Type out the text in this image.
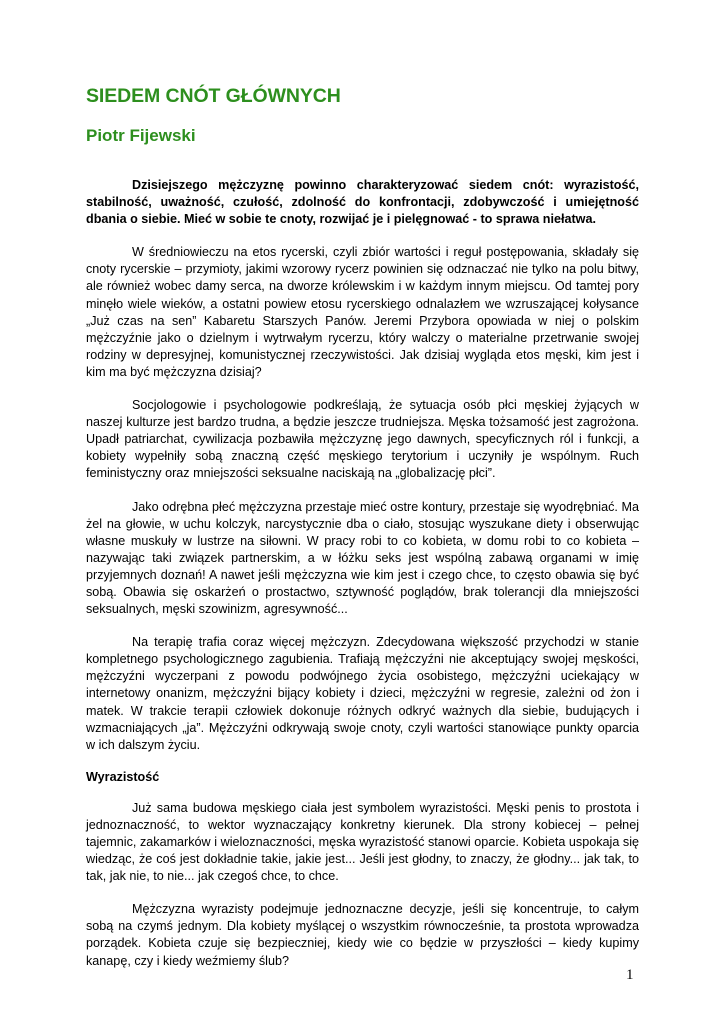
SIEDEM CNÓT GŁÓWNYCH
Piotr Fijewski

Dzisiejszego mężczyznę powinno charakteryzować siedem cnót: wyrazistość, stabilność, uważność, czułość, zdolność do konfrontacji, zdobywczość i umiejętność dbania o siebie. Mieć w sobie te cnoty, rozwijać je i pielęgnować - to sprawa niełatwa.

W średniowieczu na etos rycerski, czyli zbiór wartości i reguł postępowania, składały się cnoty rycerskie – przymioty, jakimi wzorowy rycerz powinien się odznaczać nie tylko na polu bitwy, ale również wobec damy serca, na dworze królewskim i w każdym innym miejscu. Od tamtej pory minęło wiele wieków, a ostatni powiew etosu rycerskiego odnalazłem we wzruszającej kołysance „Już czas na sen” Kabaretu Starszych Panów. Jeremi Przybora opowiada w niej o polskim mężczyźnie jako o dzielnym i wytrwałym rycerzu, który walczy o materialne przetrwanie swojej rodziny w depresyjnej, komunistycznej rzeczywistości. Jak dzisiaj wygląda etos męski, kim jest i kim ma być mężczyzna dzisiaj?

Socjologowie i psychologowie podkreślają, że sytuacja osób płci męskiej żyjących w naszej kulturze jest bardzo trudna, a będzie jeszcze trudniejsza. Męska tożsamość jest zagrożona. Upadł patriarchat, cywilizacja pozbawiła mężczyznę jego dawnych, specyficznych ról i funkcji, a kobiety wypełniły sobą znaczną część męskiego terytorium i uczyniły je wspólnym. Ruch feministyczny oraz mniejszości seksualne naciskają na „globalizację płci”.

Jako odrębna płeć mężczyzna przestaje mieć ostre kontury, przestaje się wyodrębniać. Ma żel na głowie, w uchu kolczyk, narcystycznie dba o ciało, stosując wyszukane diety i obserwując własne muskuły w lustrze na siłowni. W pracy robi to co kobieta, w domu robi to co kobieta – nazywając taki związek partnerskim, a w łóżku seks jest wspólną zabawą organami w imię przyjemnych doznań! A nawet jeśli mężczyzna wie kim jest i czego chce, to często obawia się być sobą. Obawia się oskarżeń o prostactwo, sztywność poglądów, brak tolerancji dla mniejszości seksualnych, męski szowinizm, agresywność...

Na terapię trafia coraz więcej mężczyzn. Zdecydowana większość przychodzi w stanie kompletnego psychologicznego zagubienia. Trafiają mężczyźni nie akceptujący swojej męskości, mężczyźni wyczerpani z powodu podwójnego życia osobistego, mężczyźni uciekający w internetowy onanizm, mężczyźni bijący kobiety i dzieci, mężczyźni w regresie, zależni od żon i matek. W trakcie terapii człowiek dokonuje różnych odkryć ważnych dla siebie, budujących i wzmacniających „ja”. Mężczyźni odkrywają swoje cnoty, czyli wartości stanowiące punkty oparcia w ich dalszym życiu.

Wyrazistość

Już sama budowa męskiego ciała jest symbolem wyrazistości. Męski penis to prostota i jednoznaczność, to wektor wyznaczający konkretny kierunek. Dla strony kobiecej – pełnej tajemnic, zakamarków i wieloznaczności, męska wyrazistość stanowi oparcie. Kobieta uspokaja się wiedząc, że coś jest dokładnie takie, jakie jest... Jeśli jest głodny, to znaczy, że głodny... jak tak, to tak, jak nie, to nie... jak czegoś chce, to chce.

Mężczyzna wyrazisty podejmuje jednoznaczne decyzje, jeśli się koncentruje, to całym sobą na czymś jednym. Dla kobiety myślącej o wszystkim równocześnie, ta prostota wprowadza porządek. Kobieta czuje się bezpieczniej, kiedy wie co będzie w przyszłości – kiedy kupimy kanapę, czy i kiedy weźmiemy ślub?

1
